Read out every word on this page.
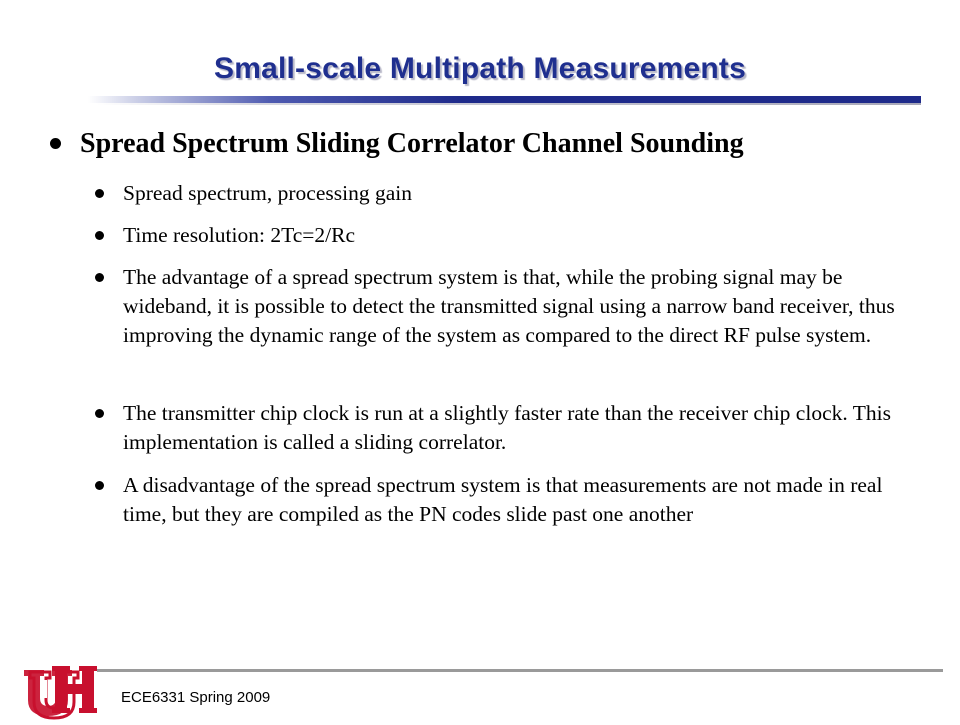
Small-scale Multipath Measurements
Spread Spectrum Sliding Correlator Channel Sounding
Spread spectrum, processing gain
Time resolution: 2Tc=2/Rc
The advantage of a spread spectrum system is that, while the probing signal may be wideband, it is possible to detect the transmitted signal using a narrow band receiver, thus improving the dynamic range of the system as compared to the direct RF pulse system.
The transmitter chip clock is run at a slightly faster rate than the receiver chip clock. This implementation is called a sliding correlator.
A disadvantage of the spread spectrum system is that measurements are not made in real time, but they are compiled as the PN codes slide past one another
ECE6331 Spring 2009
